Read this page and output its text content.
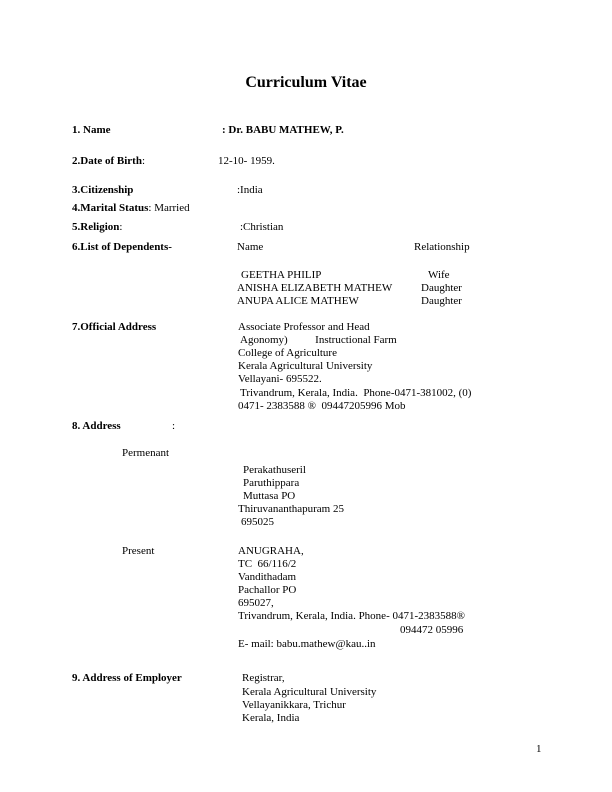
Curriculum Vitae
1. Name	: Dr. BABU MATHEW, P.
2.Date of Birth:	12-10- 1959.
3.Citizenship	:India
4.Marital Status: Married
5.Religion:	:Christian
6.List of Dependents-	Name	Relationship
GEETHA PHILIP	Wife
ANISHA ELIZABETH MATHEW	Daughter
ANUPA ALICE MATHEW	Daughter
7.Official Address	Associate Professor and Head
Agonomy)          Instructional Farm
College of Agriculture
Kerala Agricultural University
Vellayani- 695522.
Trivandrum, Kerala, India.  Phone-0471-381002, (0)
0471- 2383588 ®  09447205996 Mob
8. Address	:
Permenant
Perakathuseril
Paruthippara
Muttasa PO
Thiruvananthapuram 25
695025
Present	ANUGRAHA,
TC  66/116/2
Vandithadam
Pachallor PO
695027,
Trivandrum, Kerala, India. Phone- 0471-2383588®
094472 05996
E- mail: babu.mathew@kau..in
9. Address of Employer	Registrar,
Kerala Agricultural University
Vellayanikkara, Trichur
Kerala, India
1
